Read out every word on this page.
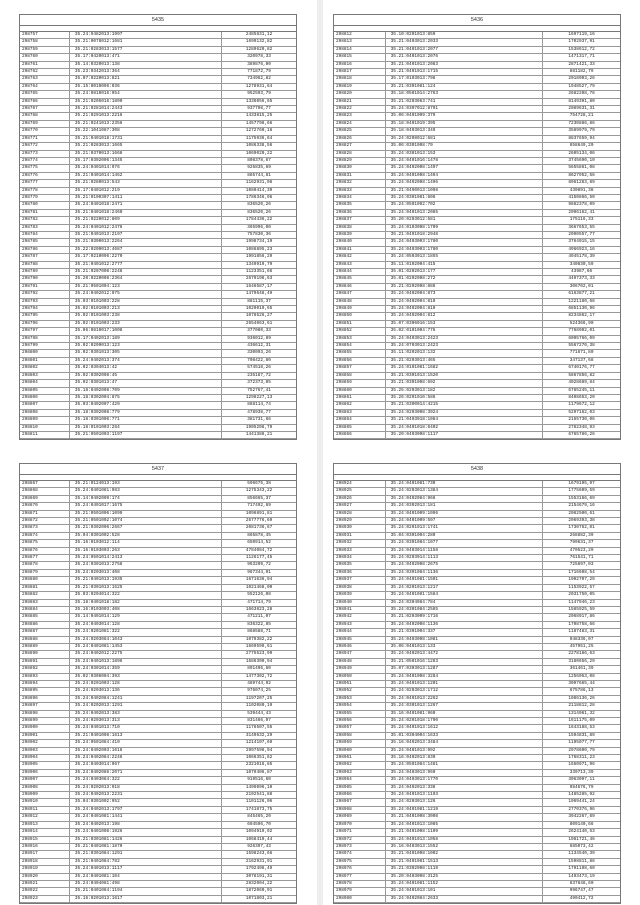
5435
298757	35.24:9482013:1997	2485831,12
298758	35.21:0078012:1681	1699132,82
298759	35.21:0283013:1577	1289620,82
298760	35.17:0420013:471	320978,33
298761	35.14:0320013:138	389876,00
298762	35.23:0342013:364	771872,79
298763	35.07:0220013:821	734962,82
298764	35.15:0010096:036	1278931,64
298765	35.24:0810016:954	952593,79
298766	35.21:0205016:1800	1336056,65
298767	35.21:0281014:2443	937798,77
298768	35.21:0291013:2216	1433815,25
298769	35.21:0241013:2356	1457798,66
298770	35.22:1041087:308	1272760,16
298771	35.21:0401018:1731	1175936,64
298772	35.21:0283013:1665	1086338,56
298773	35.21:0370013:1668	1069020,22
298774	35.17:0302006:1345	808378,67
298775	35.24:0401014:976	926835,69
298776	35.21:0401014:1462	885744,81
298777	35.21:0280013:543	1162931,08
298778	35.17:0401012:219	1080414,39
298779	35.21:0100307:1411	1786346,96
298780	35.24:0401018:2471	836520,26
298781	35.21:0401018:2460	836520,26
298782	35.21:0220012:809	1784436,22
298783	35.24:0401012:2476	365996,00
298784	35.21:0401013:2197	757830,36
298785	35.21:0390013:2264	1998734,19
298786	35.22:0209013:4687	1086895,23
298787	35.17:0210096:2270	1991856,29
298788	35.21:0401012:2777	1349919,79
298789	35.21:0207008:2248	1123351,66
298790	35.20:0220008:2364	2679198,63
298791	35.21:0501004:123	1646587,17
298792	35.24:0402012:975	1479648,49
298793	35.03:0101003:228	881115,37
298794	35.02:0101003:213	1020019,65
298795	35.02:0101003:238	1078526,27
298796	35.02:0101003:233	2654063,61
298797	35.06:0810017:1008	377080,33
298798	35.17:0402013:189	936012,89
298799	35.02:0209013:123	436612,31
298800	35.02:0301013:305	330093,26
298801	35.24:0402013:374	708422,80
298802	35.02:0304013:42	574518,26
298803	35.02:0302008:45	235187,72
298804	35.02:0301013:47	372373,05
298805	35.18:0402008:709	752767,41
298806	35.18:0302004:875	1298227,13
298807	35.03:0402007:429	888114,74
298808	35.18:0302008:779	478938,77
298809	35.18:0301006:771	381731,66
298810	35.18:0101003:284	1905208,79
298811	35.21:0501003:1197	1441388,21
5436
298812	35.10:0201013:859	1697119,16
298813	35.21:0403013:2033	1702937,91
298814	35.21:0401013:2077	1538612,72
298815	35.21:0401013:2076	1471317,71
298816	35.21:0401013:2083	2871421,33
298817	35.21:0401013:1715	881182,79
298818	35.17:0103013:798	2018903,26
298819	35.21:0301081:124	1948527,79
298820	35.18:0501014:2763	2682208,78
298821	35.21:0203063:741	8149391,80
298822	35.24:0307012:8791	2089631,31
298823	35.06:0401009:379	754728,21
298824	35.18:0401019:395	7230886,86
298825	35.18:0403013:349	3589979,79
298826	35.24:0208012:681	8837659,94
298827	35.06:0301008:79	858649,20
298828	35.24:0301013:153	2605134,06
298829	35.24:0401016:1478	3745690,10
298830	35.24:0402008:1497	5655861,08
298831	35.24:0401008:1494	8627952,56
298832	35.24:0402008:1496	8961283,89
298833	35.21:0490013:1098	430891,38
298834	35.24:0301081:606	4150866,50
298835	35.24:0501092:702	9882378,09
298836	35.24:0401013:2085	2096162,41
298837	35.20:0203012:581	175116,33
298838	35.24:0103008:1709	3667653,55
298839	35.21:0401018:2948	2090557,77
298840	35.24:0403003:1780	3764015,15
298841	35.24:0403003:1780	4966923,16
298842	35.24:0503013:1855	4945178,39
298843	35.11:0102004:415	340830,59
298844	35.01:0202013:177	43987,66
298845	35.01:0202008:272	4497373,33
298846	35.21:0202008:886	306702,01
298847	35.24:0402004:873	6163877,21
298848	35.24:0402004:810	1221180,68
298849	35.24:0402004:810	6851130,96
298850	35.24:0402004:812	8234862,17
298851	35.07:0306016:153	524366,90
298852	35.02:0101004:776	7768902,01
298853	35.24:0403013:2423	6095766,09
298854	35.24:0703013:2423	5567270,38
298855	35.11:0202013:132	771671,80
298856	35.21:0203013:465	347137,68
298857	35.24:0101081:1682	6740176,77
298858	35.21:0301013:1520	5867856,82
298859	35.21:0301008:692	4028689,84
298860	35.25:0203013:182	6785245,11
298861	35.26:0201010:586	8408653,20
298862	35.21:0300014:4215	1179672,12
298863	35.24:0203008:3924	5297162,03
298864	35.21:0403018:1084	2165730,06
298865	35.24:0401018:6402	2782348,93
298866	35.20:0403008:1117	6765786,26
5437
298867	35.21:0124013:193	596675,38
298868	35.24:0401081:983	1275343,22
298869	35.14:0402009:174	856665,37
298870	35.24:0401017:1675	717492,69
298871	35.21:0501006:1099	1096891,81
298872	35.21:0501002:1074	2677776,69
298873	35.21:0302006:2667	2081736,67
298874	35.04:0301002:528	865878,45
298875	35.16:0103012:114	650914,52
298876	35.16:0103003:263	4784084,72
298877	35.24:0501014:2413	1126177,45
298878	35.24:0301013:2758	963209,72
298879	35.24:0203013:408	967344,01
298880	35.21:0401013:1935	1671636,94
298881	35.21:0301013:1525	1021468,00
298882	35.03:0204014:322	552126,08
298883	35.18:0401018:182	471714,79
298884	35.16:0103003:408	1663823,28
298885	35.14:0401014:129	471211,07
298886	35.24:0403014:128	836322,85
298887	35.24:0201081:322	868588,71
298888	35.24:0203084:1043	1079382,22
298889	35.24:0401081:1453	1669599,61
298890	35.24:0402012:2275	2775523,99
298891	35.24:0401013:1896	1686300,94
298892	35.24:0301014:359	891496,60
298893	35.02:0306004:393	1477302,72
298894	35.24:0201003:128	489744,92
298895	35.24:0203013:136	976074,25
298896	35.24:0402084:1241	1197207,25
298897	35.24:0202013:1291	1102080,19
298898	35.24:0402013:383	539444,43
298899	35.24:0203013:313	831466,07
298900	35.24:0401013:710	1176507,55
298901	35.21:0401008:1613	3149632,29
298902	35.24:0501084:410	1214107,69
298903	35.24:0402003:1616	2997598,94
298904	35.24:0402084:2246	1066351,62
298905	35.24:0403014:967	2321016,85
298906	35.24:0402086:2071	1079406,87
298907	35.24:0403084:322	919516,60
298908	35.24:0202013:918	1496096,10
298909	35.24:0402013:2231	2102541,88
298910	35.04:0301002:952	1101126,06
298911	35.24:0402013:1797	1741873,75
298912	35.24:0401081:1441	845465,20
298913	35.24:0402013:198	694596,70
298914	35.24:0401008:1926	1094919,92
298915	35.21:0301081:1426	1068410,44
298916	35.21:0401081:1870	926397,43
298917	35.21:0301084:1291	1598243,66
298918	35.21:0401084:782	2162931,91
298919	35.24:0401013:1117	1792498,49
298920	35.24:0401081:104	3076191,31
298921	35.24:0404081:498	2832004,22
298922	35.21:0401084:1194	1872060,91
298923	35.16:0201013:1617	1071803,21
5438
298924	35.24:0401081:730	1679195,97
298925	35.24:0203013:1384	1775609,59
298926	35.24:0402084:968	1553166,69
298927	35.24:0302013:181	2154679,16
298928	35.24:0401009:1096	2082500,61
298929	35.24:0401009:597	2069393,38
298930	35.24:0201013:1741	1730762,01
298931	35.04:0301004:280	268882,39
298932	35.24:0301084:1077	790631,37
298933	35.24:0403014:1158	470523,29
298934	35.24:0203014:1113	761541,71
298935	35.24:0402008:2675	725697,03
298936	35.24:0301084:1136	1716608,54
298937	35.24:0401081:1501	1902707,29
298938	35.24:0201013:1217	1153922,57
298939	35.24:0401081:1584	2031750,05
298940	35.24:0304084:784	1147946,23
298941	35.24:0301084:2585	1585925,59
298942	35.21:0203009:1716	2068917,86
298943	35.24:0402008:1136	1708758,66
298944	35.21:0301004:337	1187483,31
298945	35.24:0403008:1081	948336,07
298946	35.06:0401013:133	457951,25
298947	35.24:0402013:4472	2278186,63
298948	35.21:0501016:1283	3180656,29
298949	35.07:0303013:1287	361461,39
298950	35.24:0401008:3284	1256053,08
298951	35.24:0401013:1201	3097665,44
298952	35.24:0203013:1712	675786,13
298953	35.24:0401013:2262	1086136,26
298954	35.24:0301013:1267	2118812,28
298955	35.16:0401081:960	1314061,32
298956	35.24:0201018:1790	1611175,09
298957	35.24:0401013:1612	1643188,53
298958	35.01:0304004:1633	1594831,89
298959	35.16:0402013:3484	1195077,77
298960	35.24:0401013:992	2978600,79
298961	35.16:0402013:830	1768311,23
298962	35.24:0501084:1461	1660971,96
298963	35.24:0403013:960	339713,39
298964	35.24:0403013:1770	3063097,11
298965	35.24:0402013:338	984676,79
298966	35.24:0401013:1193	1485285,92
298967	35.24:0203013:126	1069441,24
298968	35.24:0401081:1219	2770376,96
298969	35.21:0401008:3008	3942267,69
298970	35.24:0401013:1085	809140,66
298971	35.21:0401008:1109	2624140,53
298972	35.24:0401013:1058	1081721,46
298973	35.16:0403013:1552	685073,42
298974	35.21:0401008:1002	1134540,39
298975	35.21:0401081:1513	1598811,88
298976	35.21:0302008:1119	1791198,60
298977	35.20:0403008:3125	1493473,19
298978	35.24:0401081:1152	837848,60
298979	35.24:0401013:101	996747,47
298980	35.24:0402084:2633	490412,72
